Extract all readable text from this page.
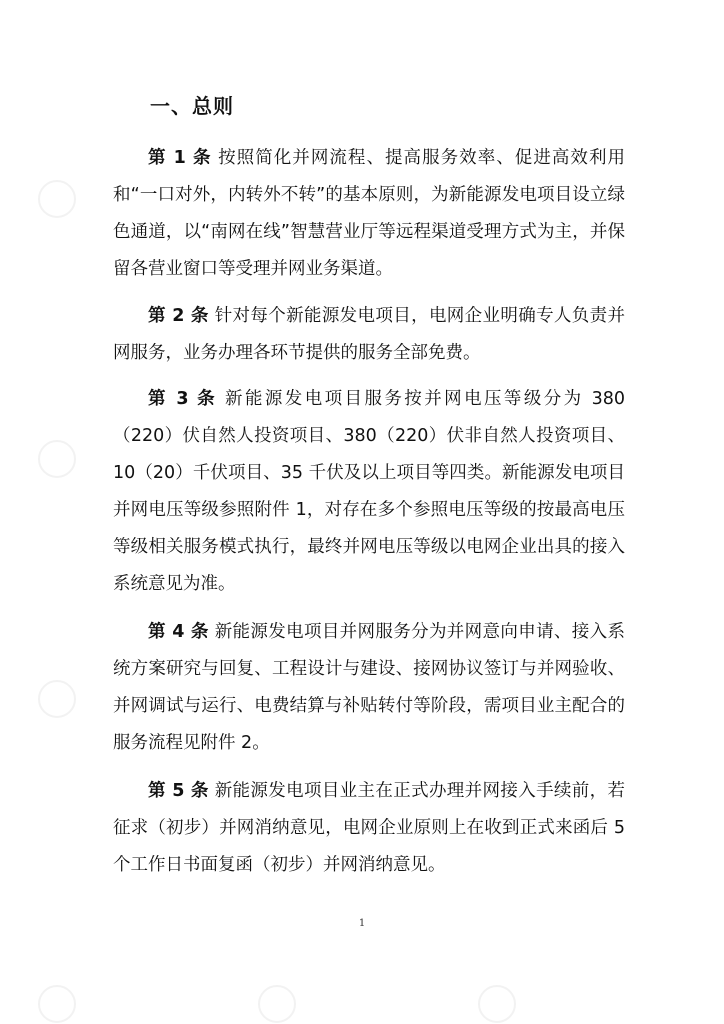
一、总则

第 1 条 按照简化并网流程、提高服务效率、促进高效利用和“一口对外，内转外不转”的基本原则，为新能源发电项目设立绿色通道，以“南网在线”智慧营业厅等远程渠道受理方式为主，并保留各营业窗口等受理并网业务渠道。

第 2 条 针对每个新能源发电项目，电网企业明确专人负责并网服务，业务办理各环节提供的服务全部免费。

第 3 条 新能源发电项目服务按并网电压等级分为 380（220）伏自然人投资项目、380（220）伏非自然人投资项目、10（20）千伏项目、35 千伏及以上项目等四类。新能源发电项目并网电压等级参照附件 1，对存在多个参照电压等级的按最高电压等级相关服务模式执行，最终并网电压等级以电网企业出具的接入系统意见为准。

第 4 条 新能源发电项目并网服务分为并网意向申请、接入系统方案研究与回复、工程设计与建设、接网协议签订与并网验收、并网调试与运行、电费结算与补贴转付等阶段，需项目业主配合的服务流程见附件 2。

第 5 条 新能源发电项目业主在正式办理并网接入手续前，若征求（初步）并网消纳意见，电网企业原则上在收到正式来函后 5 个工作日书面复函（初步）并网消纳意见。

1
